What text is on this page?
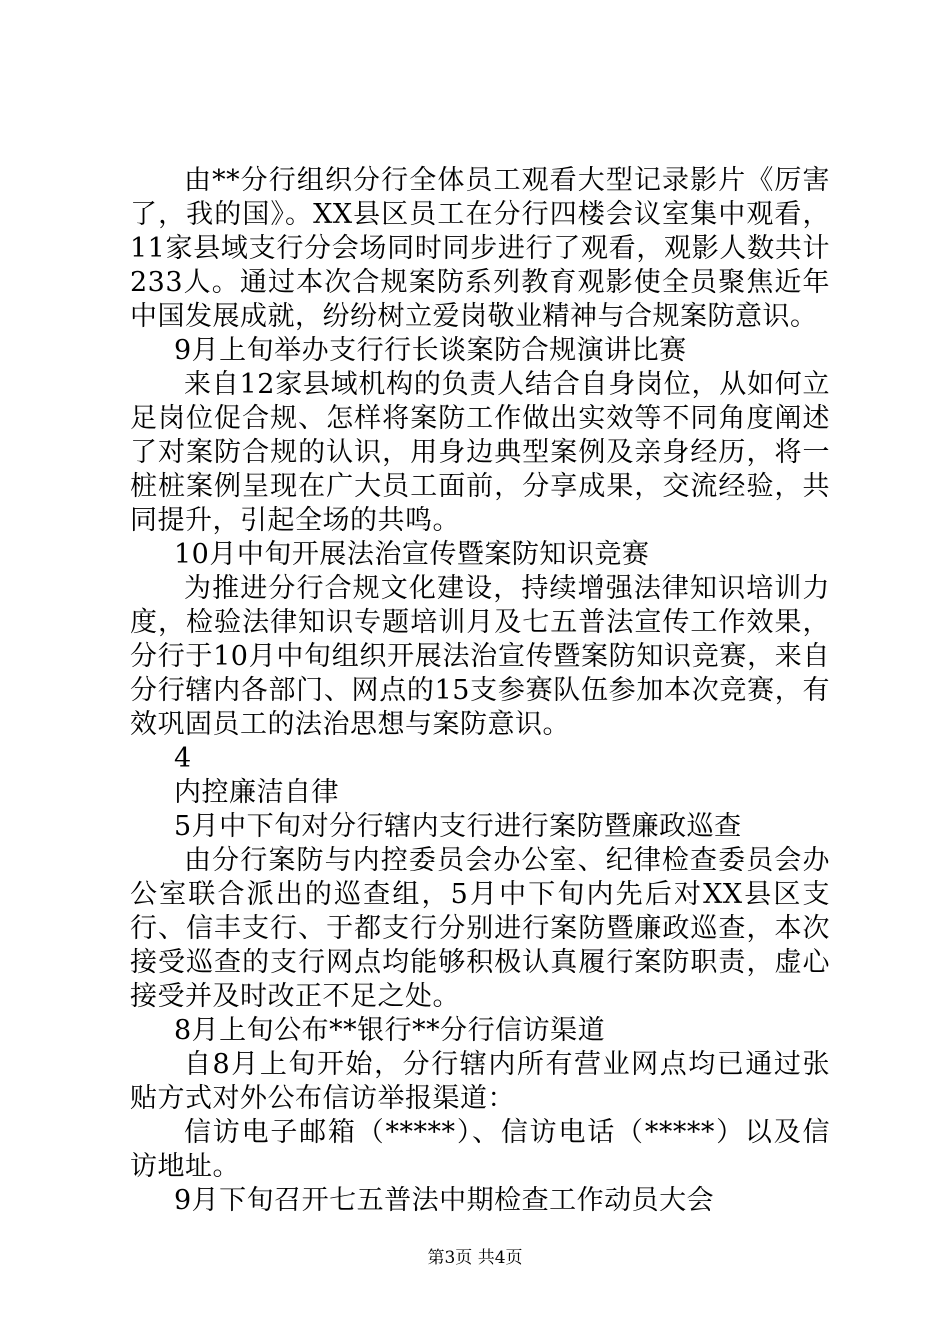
由**分行组织分行全体员工观看大型记录影片《厉害了，我的国》。XX县区员工在分行四楼会议室集中观看，11家县域支行分会场同时同步进行了观看，观影人数共计233人。通过本次合规案防系列教育观影使全员聚焦近年中国发展成就，纷纷树立爱岗敬业精神与合规案防意识。

9月上旬举办支行行长谈案防合规演讲比赛

来自12家县域机构的负责人结合自身岗位，从如何立足岗位促合规、怎样将案防工作做出实效等不同角度阐述了对案防合规的认识，用身边典型案例及亲身经历，将一桩桩案例呈现在广大员工面前，分享成果，交流经验，共同提升，引起全场的共鸣。

10月中旬开展法治宣传暨案防知识竞赛

为推进分行合规文化建设，持续增强法律知识培训力度，检验法律知识专题培训月及七五普法宣传工作效果，分行于10月中旬组织开展法治宣传暨案防知识竞赛，来自分行辖内各部门、网点的15支参赛队伍参加本次竞赛，有效巩固员工的法治思想与案防意识。

4

内控廉洁自律

5月中下旬对分行辖内支行进行案防暨廉政巡查

由分行案防与内控委员会办公室、纪律检查委员会办公室联合派出的巡查组，5月中下旬内先后对XX县区支行、信丰支行、于都支行分别进行案防暨廉政巡查，本次接受巡查的支行网点均能够积极认真履行案防职责，虚心接受并及时改正不足之处。

8月上旬公布**银行**分行信访渠道

自8月上旬开始，分行辖内所有营业网点均已通过张贴方式对外公布信访举报渠道：

信访电子邮箱（*****）、信访电话（*****）以及信访地址。

9月下旬召开七五普法中期检查工作动员大会

第3页 共4页
